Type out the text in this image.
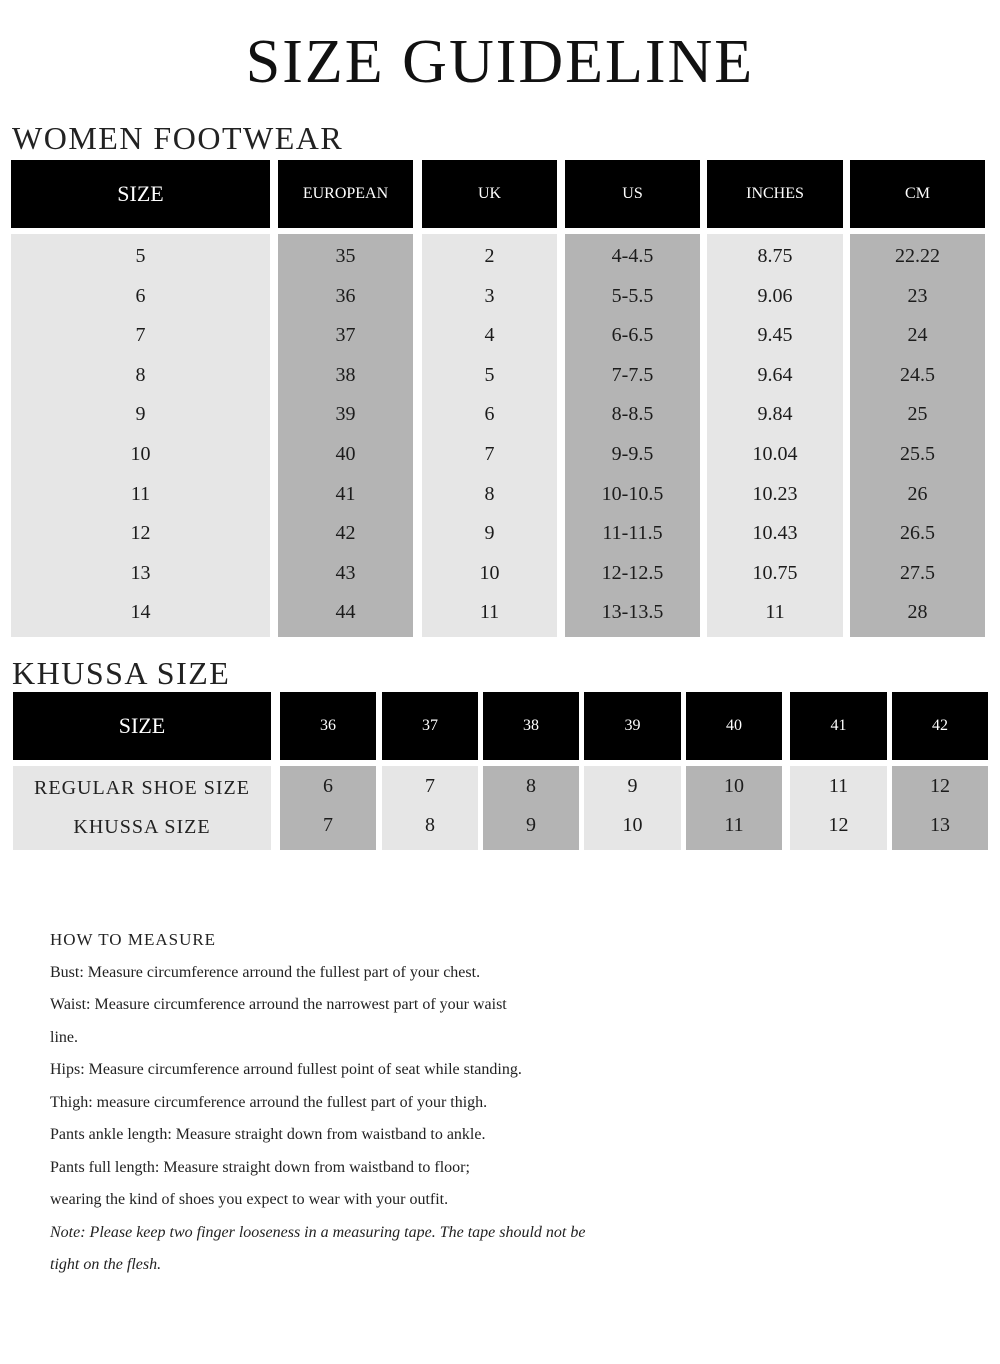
SIZE GUIDELINE
WOMEN FOOTWEAR
SIZE
5
6
7
8
9
10
11
12
13
14
EUROPEAN
35
36
37
38
39
40
41
42
43
44
UK
2
3
4
5
6
7
8
9
10
11
US
4-4.5
5-5.5
6-6.5
7-7.5
8-8.5
9-9.5
10-10.5
11-11.5
12-12.5
13-13.5
INCHES
8.75
9.06
9.45
9.64
9.84
10.04
10.23
10.43
10.75
11
CM
22.22
23
24
24.5
25
25.5
26
26.5
27.5
28
KHUSSA SIZE
SIZE
REGULAR SHOE SIZE
KHUSSA SIZE
36
6
7
37
7
8
38
8
9
39
9
10
40
10
11
41
11
12
42
12
13
HOW TO MEASURE
Bust: Measure circumference arround the fullest part of your chest.
Waist: Measure circumference arround the narrowest part of your waist
line.
Hips: Measure circumference arround fullest point of seat while standing.
Thigh: measure circumference arround the fullest part of your thigh.
Pants ankle length: Measure straight down from waistband to ankle.
Pants full length: Measure straight down from waistband to floor;
wearing the kind of shoes you expect to wear with your outfit.
Note: Please keep two finger looseness in a measuring tape. The tape should not be
tight on the flesh.
